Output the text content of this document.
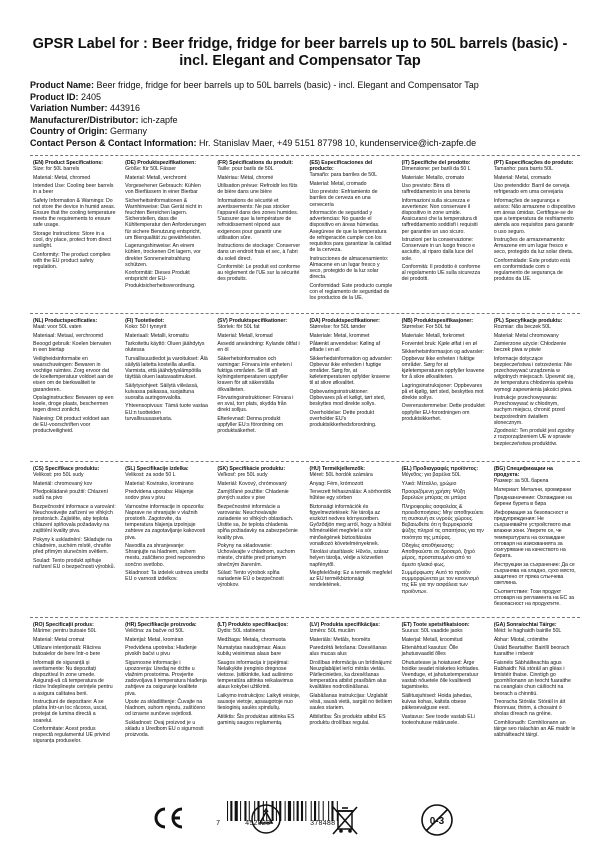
GPSR Label for : Beer fridge, fridge for beer barrels up to 50L barrels (basic) - incl. Elegant and Compensator Tap
Product Name: Beer fridge, fridge for beer barrels up to 50L barrels (basic) - incl. Elegant and Compensator Tap
Product ID: 2405
Variation Number: 443916
Manufacturer/Distributor: ich-zapfe
Country of Origin: Germany
Contact Person & Contact Information: Hr. Stanislav Maer, +49 5151 87798 10, kundenservice@ich-zapfe.de
(EN) Product Specifications:

Size: for 50L barrels

Material: Metal, chromed

Intended Use: Cooling beer barrels in a beer

Safety Information & Warnings: Do not store the device in humid areas. Ensure that the cooling temperature meets the requirements to ensure safe usage.

Storage Instructions: Store in a cool, dry place, protect from direct sunlight.

Conformity: The product complies with the EU product safety regulation.

(DE) Produktspezifikationen:

Größe: für 50L Fässer

Material: Metall, verchromt

Vorgesehener Gebrauch: Kühlen von Bierfässern in einer Bierbar

Sicherheitsinformationen & Warnhinweise: Das Gerät nicht in feuchten Bereichen lagern. Sicherstellen, dass die Kühltemperatur den Anforderungen für sichere Benutzung entspricht, um Bierqualität zu gewährleisten.

Lagerungshinweise: An einem kühlen, trockenen Ort lagern, vor direkter Sonneneinstrahlung schützen.

Konformität: Dieses Produkt entspricht der EU-Produktsicherheitsverordnung.

(FR) Spécifications du produit:

Taille: pour barils de 50L

Matériau: Métal, chromé

Utilisation prévue: Refroidir les fûts de bière dans une bière

Informations de sécurité et avertissements: Ne pas stocker l'appareil dans des zones humides. S'assurer que la température de refroidissement répond aux exigences pour garantir une utilisation sûre.

Instructions de stockage: Conserver dans un endroit frais et sec, à l'abri du soleil direct.

Conformité: Le produit est conforme au règlement de l'UE sur la sécurité des produits.

(ES) Especificaciones del producto:

Tamaño: para barriles de 50L

Material: Metal, cromado

Uso previsto: Enfriamiento de barriles de cerveza en una cervecería

Información de seguridad y advertencias: No guarde el dispositivo en áreas húmedas. Asegúrese de que la temperatura de refrigeración cumple con los requisitos para garantizar la calidad de la cerveza.

Instrucciones de almacenamiento: Almacene en un lugar fresco y seco, protegido de la luz solar directa.

Conformidad: Este producto cumple con el reglamento de seguridad de los productos de la UE.

(IT) Specifiche del prodotto:

Dimensione: per barili da 50 L

Materiale: Metallo, cromato

Uso previsto: Birra di raffreddamento in una birreria

Informazioni sulla sicurezza e avvertenze: Non conservare il dispositivo in zone umide. Assicurarsi che la temperatura di raffreddamento soddisfi i requisiti per garantire un uso sicuro.

Istruzioni per la conservazione: Conservare in un luogo fresco e asciutto, al riparo dalla luce del sole.

Conformità: Il prodotto è conforme al regolamento UE sulla sicurezza dei prodotti.

(PT) Especificações do produto:

Tamanho: para barris 50L

Material: Metal, cromado

Uso pretendido: Barril de cerveja refrigerado em uma cervejaria

Informações de segurança e avisos: Não armazene o dispositivo em áreas úmidas. Certifique-se de que a temperatura de resfriamento atenda aos requisitos para garantir o uso seguro.

Instruções de armazenamento: Armazene em um lugar fresco e seco, protegido da luz solar direta.

Conformidade: Este produto está em conformidade com o regulamento de segurança de produtos da UE.

(NL) Productspecificaties:

Maat: voor 50L vaten

Materiaal: Metaal, verchroomd

Beoogd gebruik: Koelen biervaten in een biertap

Veiligheidsinformatie en waarschuwingen: Bewaren in vochtige ruimtes. Zorg ervoor dat de koeltemperatuur voldoet aan de eisen om de bierkwaliteit te garanderen.

Opslaginstructies: Bewaren op een koele, droge plaats, beschermen tegen direct zonlicht.

Naleving: Dit product voldoet aan de EU-voorschriften voor productveiligheid.

(FI) Tuotetiedot:

Koko: 50 l tynnyrit

Materiaali: Metalli, kromattu

Tarkoitettu käyttö: Oluen jäähdytys olutessa

Turvallisuustiedot ja varoitukset: Älä säilytä laitetta kosteilla alueilla. Varmista, että jäähdytyslämpötila täyttää oluen laatuvaatimukset.

Säilytysohjeet: Säilytä viileässä, kuivassa paikassa, suojattuna suoralta auringonvalolta.

Yhteensopivuus: Tämä tuote vastaa EU:n tuotteiden turvallisuusasetusta.

(SV) Produktspecifikationer:

Storlek: för 50L fat

Material: Metall, kromad

Avsedd användning: Kylande öltfat i en öl

Säkerhetsinformation och varningar: Förvara inte enheten i fuktiga områden. Se till att kylningstemperaturen uppfyller kraven för att säkerställa ölkvaliteten.

Förvaringsinstruktioner: Förvara i en sval, torr plats, skydda från direkt solljus.

Efterlevnad: Denna produkt uppfyller EU:s förordning om produktsäkerhet.

(DA) Produktspecifikationer:

Størrelse: for 50L tønder

Materiale: Metal, krommet

Påtænkt anvendelse: Køling af ølfade i en øl

Sikkerhedsinformation og advarsler: Opbevar ikke enheden i fugtige områder. Sørg for, at køletemperaturen opfylder kravene til at sikre ølkvalitet.

Opbevaringsinstruktioner: Opbevares på et køligt, tørt sted, beskyttes mod direkte sollys.

Overholdelse: Dette produkt overholder EU's produktsikkerhedsforordning.

(NB) Produktspesifikasjoner:

Størrelse: For 50L fat

Materiale: Metall, forkromet

Forventet bruk: Kjøle ølfat i en øl

Sikkerhetsinformasjon og advarsler: Oppbevar ikke enheten i fuktige områder. Sørg for at kjøletemperaturen oppfyller kravene for å sikre ølkvaliteten.

Lagringsinstruksjoner: Oppbevares på et kjølig, tørt sted, beskyttes mot direkte sollys.

Overensstemmelse: Dette produktet oppfyller EU-forordningen om produktsikkerhet.

(PL) Specyfikacje produktu:

Rozmiar: dla beczek 50L

Materiał: Metal chromowany

Zamierzone użycie: Chłodzenie beczek piwa w piwie

Informacje dotyczące bezpieczeństwa i ostrzeżenia: Nie przechowywać urządzenia w wilgotnych miejscach. Upewnić się, że temperatura chłodzenia spełnia wymogi zapewnienia jakości piwa.

Instrukcje przechowywania: Przechowywać w chłodnym, suchym miejscu, chronić przed bezpośrednim światłem słonecznym.

Zgodność: Ten produkt jest zgodny z rozporządzeniem UE w sprawie bezpieczeństwa produktów.

(CS) Specifikace produktu:

Velikost: pro 50L sudy

Materiál: chromovaný kov

Předpokládané použití: Chlazení sudů na pivo

Bezpečnostní informace a varování: Neuchovávejte zařízení ve vlhkých prostorách. Zajistěte, aby teplota chlazení splňovala požadavky na zajištění kvality piva.

Pokyny k uskladnění: Skladujte na chladném, suchém místě, chraňte před přímým slunečním světlem.

Soulad: Tento produkt splňuje nařízení EU o bezpečnosti výrobků.

(SL) Specifikacije izdelka:

Velikost: za sode 50 L

Material: Kovinsko, kromirano

Predvidena uporaba: Hlajenje sodov piva v pivu

Varnostne informacije in opozorila: Naprave ne shranjujte v vlažnih prostorih. Zagotovite, da temperatura hlajenja izpolnjuje zahteve za zagotavljanje kakovosti piva.

Navodila za shranjevanje: Shranjujte na hladnem, suhem mestu, zaščiteno pred neposredno sončno svetlobo.

Skladnost: Ta izdelek ustreza uredbi EU o varnosti izdelkov.

(SK) Špecifikácie produktu:

Veľkosť: pre 50L sudy

Materiál: Kovový, chrómovaný

Zamýšľané použitie: Chladenie pivných sudov v pive

Bezpečnostné informácie a varovania: Neuchovávajte zariadenie vo vlhkých oblastiach. Uistite sa, že teplota chladenia spĺňa požiadavky na zabezpečenie kvality piva.

Pokyny na skladovanie: Uchovávajte v chladnom, suchom mieste, chráňte pred priamym slnečným žiarením.

Súlad: Tento výrobok spĺňa nariadenie EÚ o bezpečnosti výrobkov.

(HU) Termékjellemzők:

Méret: 50L hordók számára

Anyag: Fém, krómozott

Tervezett felhasználás: A sörhordók hűtése egy sörben

Biztonsági információk és figyelmeztetések: Ne tárolja az eszközt nedves környezetben. Győződjön meg arról, hogy a hűtési hőmérséklet megfelel a sör minőségének biztosítására vonatkozó követelményeknek.

Tárolási utasítások: Hűvös, száraz helyen tárolja, védje a közvetlen napfénytől.

Megfelelőség: Ez a termék megfelel az EU termékbiztonsági rendeletének.

(EL) Προδιαγραφές προϊόντος:

Μέγεθος: για βαρέλια 50L

Υλικό: Μέταλλο, χρώμιο

Προοριζόμενη χρήση: Ψύξη βαρελιών μπύρας σε μπύρα

Πληροφορίες ασφαλείας & προειδοποιήσεις: Μην αποθηκεύετε τη συσκευή σε υγρούς χώρους. Βεβαιωθείτε ότι η θερμοκρασία ψύξης πληροί τις απαιτήσεις για την ποιότητα της μπύρας.

Οδηγίες αποθήκευσης: Αποθηκεύστε σε δροσερό, ξηρό μέρος, προστατευμένο από το άμεσο ηλιακό φως.

Συμμόρφωση: Αυτό το προϊόν συμμορφώνεται με τον κανονισμό της ΕΕ για την ασφάλεια των προϊόντων.

(BG) Спецификации на продукта:

Размер: за 50L барела

Материал: Метални, хромирани

Предназначение: Охлаждане на бирени бурета в бира

Информация за безопасност и предупреждения: Не съхранявайте устройството във влажни зони. Уверете се, че температурата на охлаждане отговаря на изискванията за осигуряване на качеството на бирата.

Инструкции за съхранение: Да се съхранява на хладно, сухо място, защитено от пряка слънчева светлина.

Съответствие: Този продукт отговаря на регламента на ЕС за безопасност на продуктите.

(RO) Specificații produs:

Mărime: pentru butoaie 50L

Material: Metal cromat

Utilizare intenționată: Răcirea butoaielor de bere într-o bere

Informații de siguranță și avertismente: Nu depozitați dispozitivul în zone umede. Asigurați-vă că temperatura de răcire îndeplinește cerințele pentru a asigura calitatea berii.

Instrucțiuni de depozitare: A se păstra într-un loc răcoros, uscat, protejat de lumina directă a soarelui.

Conformitate: Acest produs respectă regulamentul UE privind siguranța produselor.

(HR) Specifikacije proizvoda:

Veličina: za bačve od 50L

Materijal: Metal, kromiran

Predviđena upotreba: Hlađenje pivskih bačvi u pivu

Sigurnosne informacije i upozorenja: Uređaj ne držite u vlažnim prostorima. Provjerite zadovoljava li temperatura hlađenja zahtjeve za osiguranje kvalitete piva.

Upute za skladištenje: Čuvajte na hladnom, suhom mjestu, zaštićeno od izravne sunčeve svjetlosti.

Sukladnost: Ovaj proizvod je u skladu s Uredbom EU o sigurnosti proizvoda.

(LT) Produkto specifikacijos:

Dydis: 50L statinėms

Medžiaga: Metalą, chromuota

Numatytas naudojimas: Alaus kubilų vėsinimas alaus bare

Saugos informacija ir įspėjimai: Nelaikykite įrenginio drėgnose vietose. Įsitikinkite, kad aušinimo temperatūra atitinka reikalavimus alaus kokybei užtikrinti.

Laikymo instrukcijos: Laikyti vėsioje, sausoje vietoje, apsaugotoje nuo tiesioginių saulės spindulių.

Atitiktis: Šis produktas atitinka ES gaminių saugos reglamentą.

(LV) Produkta specifikācijas:

Izmērs: 50L mucām

Materiāls: Metāls, hromēts

Paredzētā lietošana: Dzesēšanas alus mucas alus

Drošības informācija un brīdinājumi: Neuzglabājiet ierīci mitrās vietās. Pārliecinieties, ka dzesēšanas temperatūra atbilst prasībām alus kvalitātes nodrošināšanai.

Glabāšanas instrukcijas: Uzglabāt vēsā, sausā vietā, sargāt no tiešiem saules stariem.

Atbilstība: Šis produkts atbilst ES produktu drošības regulai.

(ET) Toote spetsifikatsioon:

Suurus: 50L vaadide jaoks

Materjal: Metall, kroomitud

Ettenähtud kasutus: Õlle jahutusvaadid õlles

Ohutusteave ja hoiatused: Ärge hoidke seadet niisketes kohtades. Veenduge, et jahutustemperatuur vastab nõuetele õlle kvaliteedi tagamiseks.

Säilitusjuhised: Hoida jahedas, kuivas kohas, kaitsta otsese päikesevalguse eest.

Vastavus: See toode vastab ELi tooteohutuse määrusele.

(GA) Sonraíochtaí Táirge:

Méid: le haghaidh bairille 50L

Ábhar: Miotal, cróimithe

Úsáid Beartaithe: Bairillí beorach fuaraithe i mbeoir

Faisnéis Sábháilteachta agus Rabhaidh: Ná stóráil an gléas i limistéir thaise. Cinntigh go gcomhlíonann an teocht fuaraithe na ceanglais chun cáilíocht na beorach a chinntiú.

Treoracha Stórála: Stóráil in áit fhionnuar, thirim, á chosaint ó sholas díreach na gréine.

Comhlíonadh: Comhlíonann an táirge seo rialachán an AE maidir le sábháilteacht táirgí.

7	452028	378488	0-3
